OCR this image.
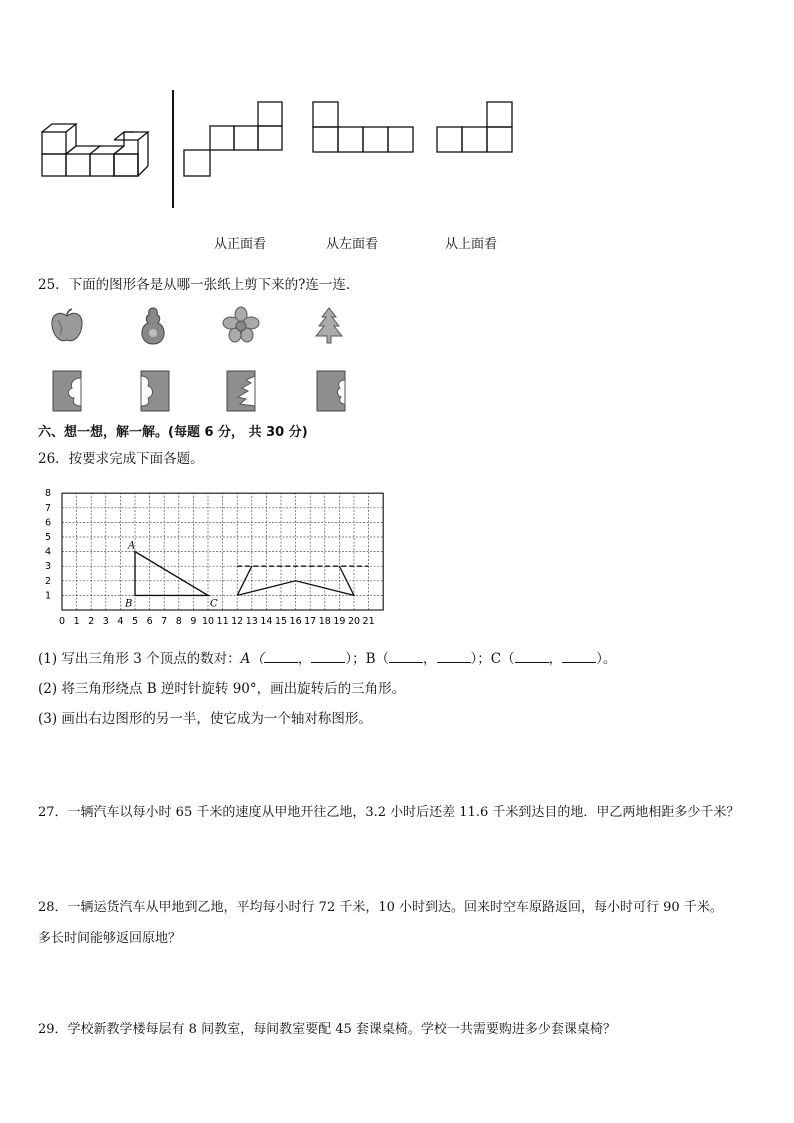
从正面看	从左面看	从上面看
25．下面的图形各是从哪一张纸上剪下来的?连一连．
六、想一想，解一解。(每题 6 分， 共 30 分)
26．按要求完成下面各题。
0 1 2 3 4 5 6 7 8 9 10 11 12 13 14 15 16 17 18 19 20 21
1
2
3
4
5
6
7
8
A
B	C
(1) 写出三角形 3 个顶点的数对：A（	，	）；B（	，	）；C（	，	）。
(2) 将三角形绕点 B 逆时针旋转 90°，画出旋转后的三角形。
(3) 画出右边图形的另一半，使它成为一个轴对称图形。
27．一辆汽车以每小时 65 千米的速度从甲地开往乙地，3.2 小时后还差 11.6 千米到达目的地．甲乙两地相距多少千米？
28．一辆运货汽车从甲地到乙地，平均每小时行 72 千米，10 小时到达。回来时空车原路返回，每小时可行 90 千米。
多长时间能够返回原地？
29．学校新教学楼每层有 8 间教室，每间教室要配 45 套课桌椅。学校一共需要购进多少套课桌椅？
